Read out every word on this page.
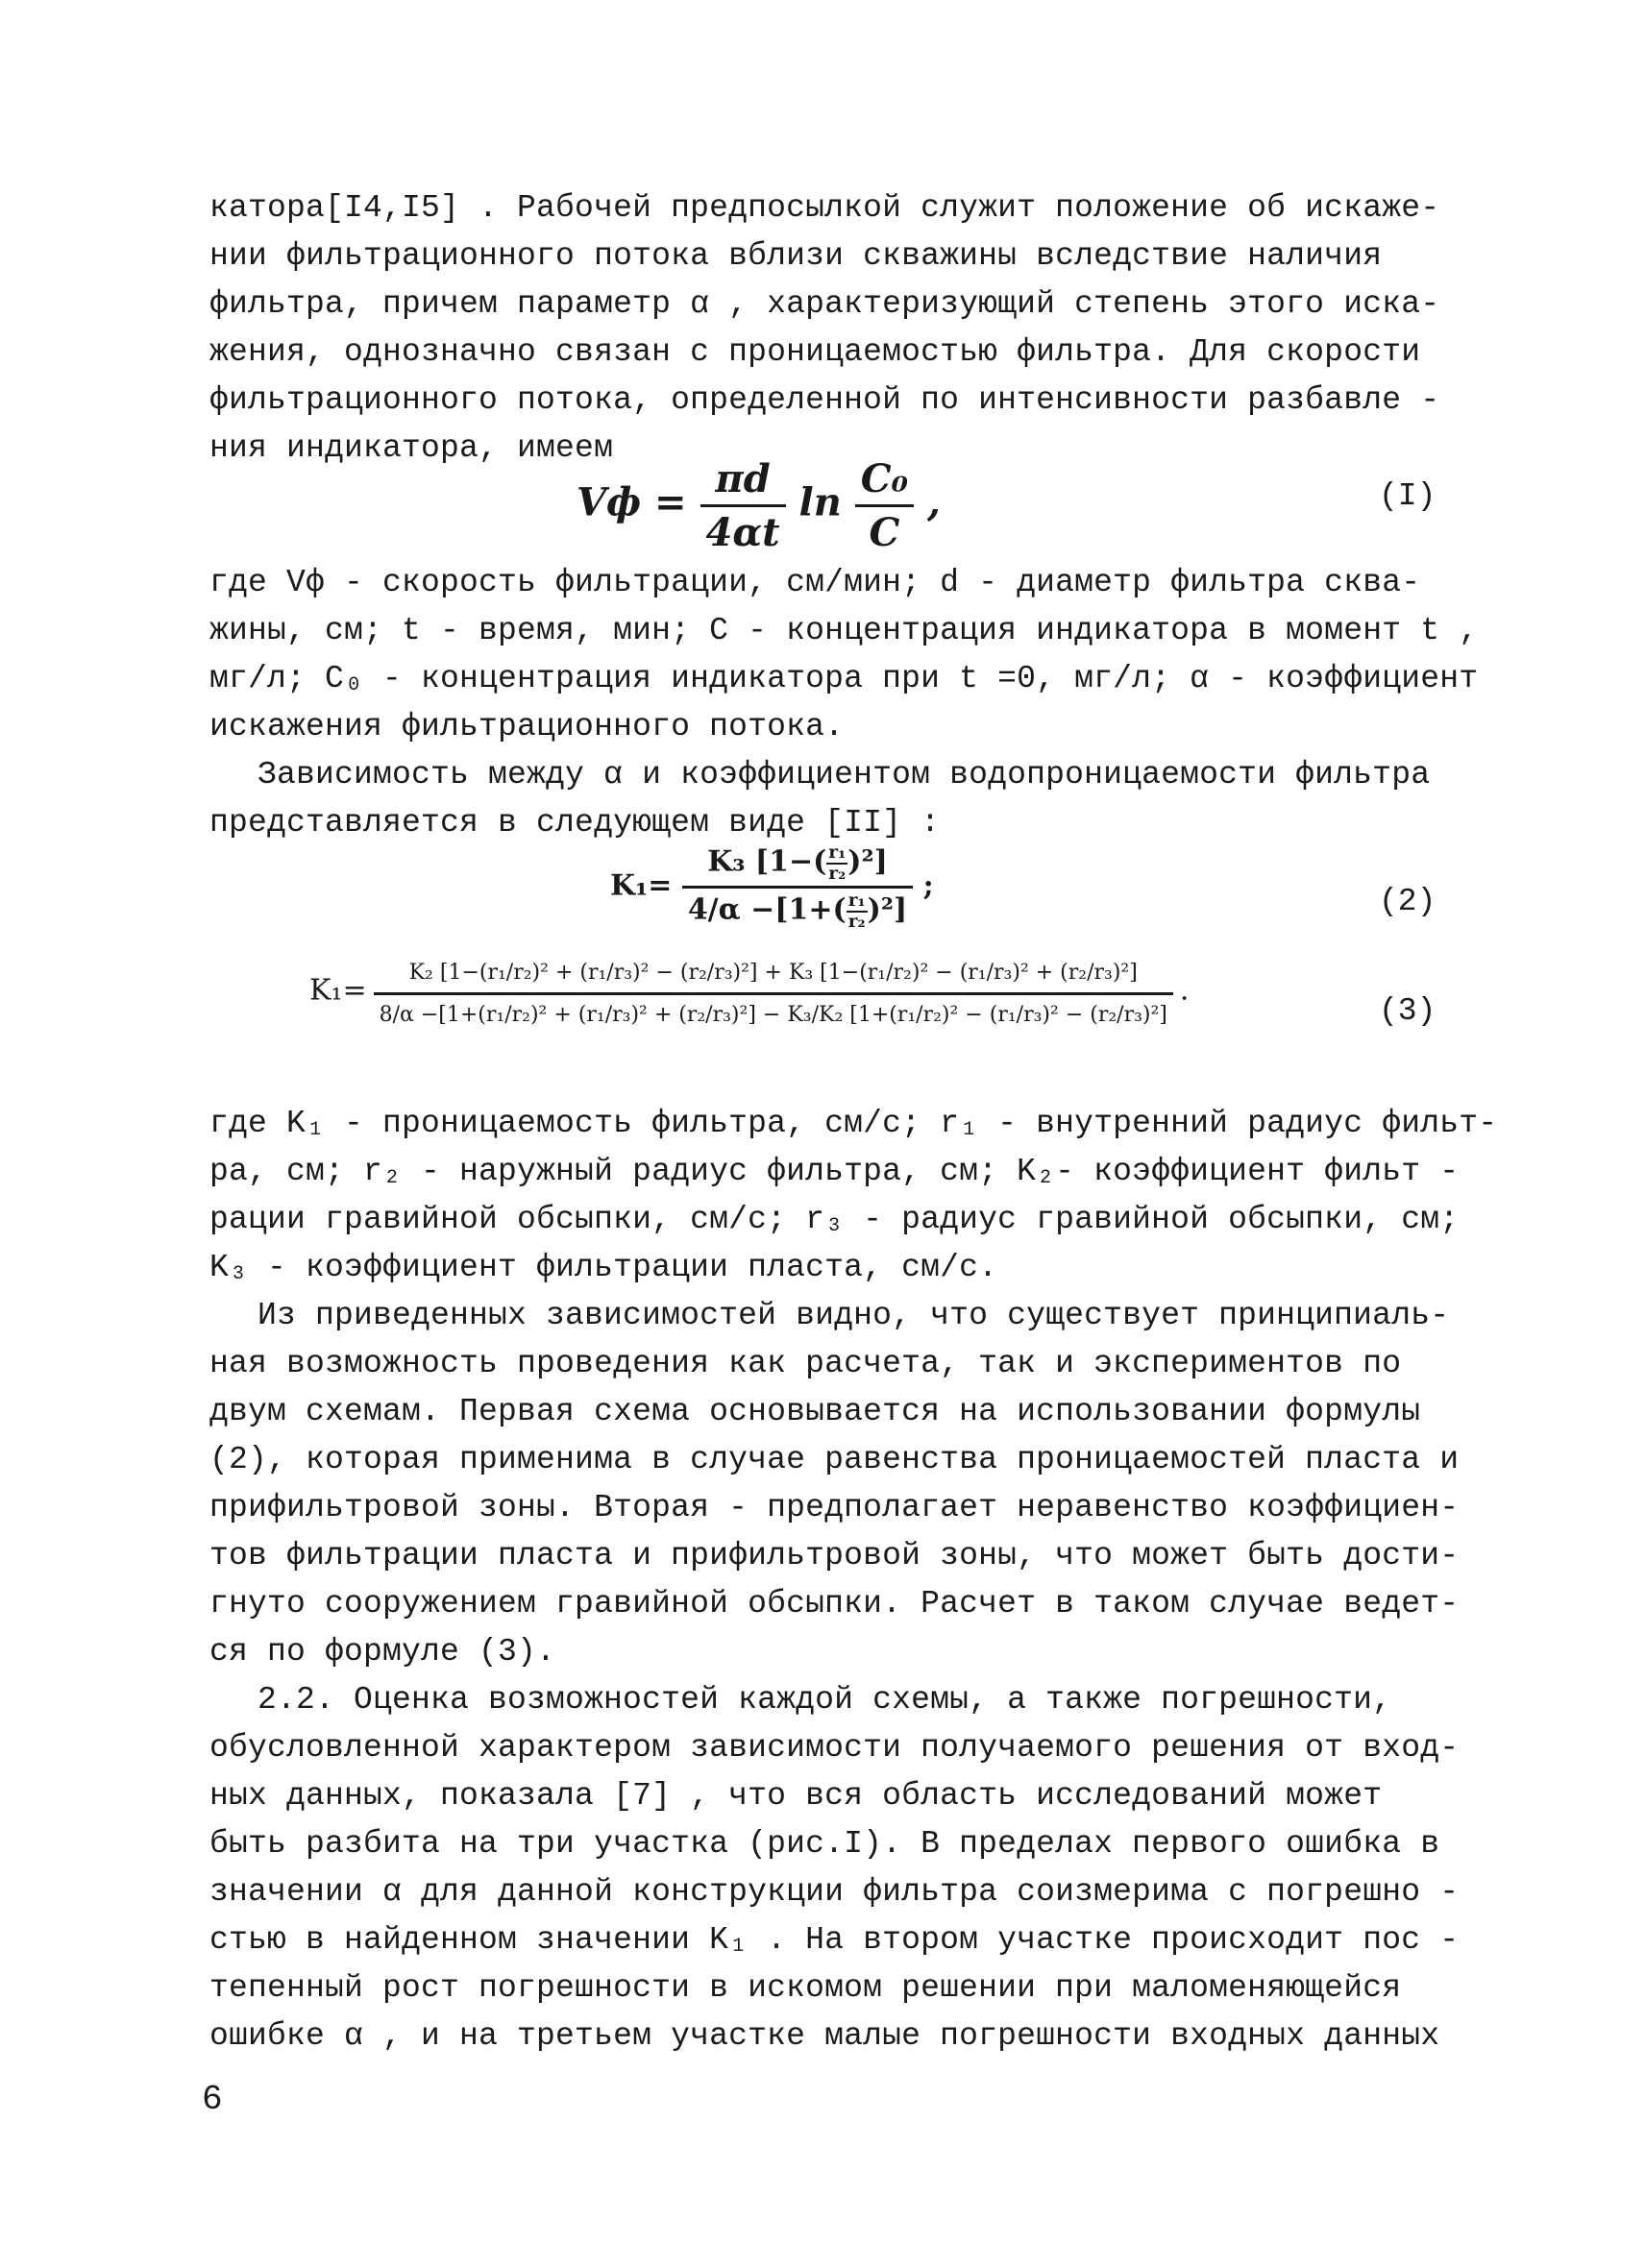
катора[I4,I5] . Рабочей предпосылкой служит положение об искаже-
нии фильтрационного потока вблизи скважины вследствие наличия
фильтра, причем параметр α , характеризующий степень этого иска-
жения, однозначно связан с проницаемостью фильтра. Для скорости
фильтрационного потока, определенной по интенсивности разбавле -
ния индикатора, имеем
Vф = $\frac{\pi d}{4\alpha t}$ $\ln \frac{\text{C₀}}{C}$ ,	(I)
где Vф - скорость фильтрации, см/мин; d - диаметр фильтра сква-
жины, см; t - время, мин; C - концентрация индикатора в момент t ,
мг/л; C₀ - концентрация индикатора при t =0, мг/л; α - коэффициент
искажения фильтрационного потока.
Зависимость между α и коэффициентом водопроницаемости фильтра
представляется в следующем виде [II] :
$K_1= \frac{K_3 [1-( \frac{\text{r₁}}{\text{r₂}} )^2]}{4/\alpha -[1+( \frac{\text{r₁}}{\text{r₂}} )^2]}$ ;	(2)
K₁=
K₂ [1−(r₁/r₂)² + (r₁/r₃)² − (r₂/r₃)²] + K₃ [1−(r₁/r₂)² − (r₁/r₃)² + (r₂/r₃)²]
8/α −[1+(r₁/r₂)² + (r₁/r₃)² + (r₂/r₃)²] − K₃/K₂ [1+(r₁/r₂)² − (r₁/r₃)² − (r₂/r₃)²]
.
(3)
где K₁ - проницаемость фильтра, см/с; r₁ - внутренний радиус фильт-
ра, см; r₂ - наружный радиус фильтра, см; K₂- коэффициент фильт -
рации гравийной обсыпки, см/с; r₃ - радиус гравийной обсыпки, см;
K₃ - коэффициент фильтрации пласта, см/с.
Из приведенных зависимостей видно, что существует принципиаль-
ная возможность проведения как расчета, так и экспериментов по
двум схемам. Первая схема основывается на использовании формулы
(2), которая применима в случае равенства проницаемостей пласта и
прифильтровой зоны. Вторая - предполагает неравенство коэффициен-
тов фильтрации пласта и прифильтровой зоны, что может быть дости-
гнуто сооружением гравийной обсыпки. Расчет в таком случае ведет-
ся по формуле (3).
2.2. Оценка возможностей каждой схемы, а также погрешности,
обусловленной характером зависимости получаемого решения от вход-
ных данных, показала [7] , что вся область исследований может
быть разбита на три участка (рис.I). В пределах первого ошибка в
значении α для данной конструкции фильтра соизмерима с погрешно -
стью в найденном значении K₁ . На втором участке происходит пос -
тепенный рост погрешности в искомом решении при маломеняющейся
ошибке α , и на третьем участке малые погрешности входных данных
6
